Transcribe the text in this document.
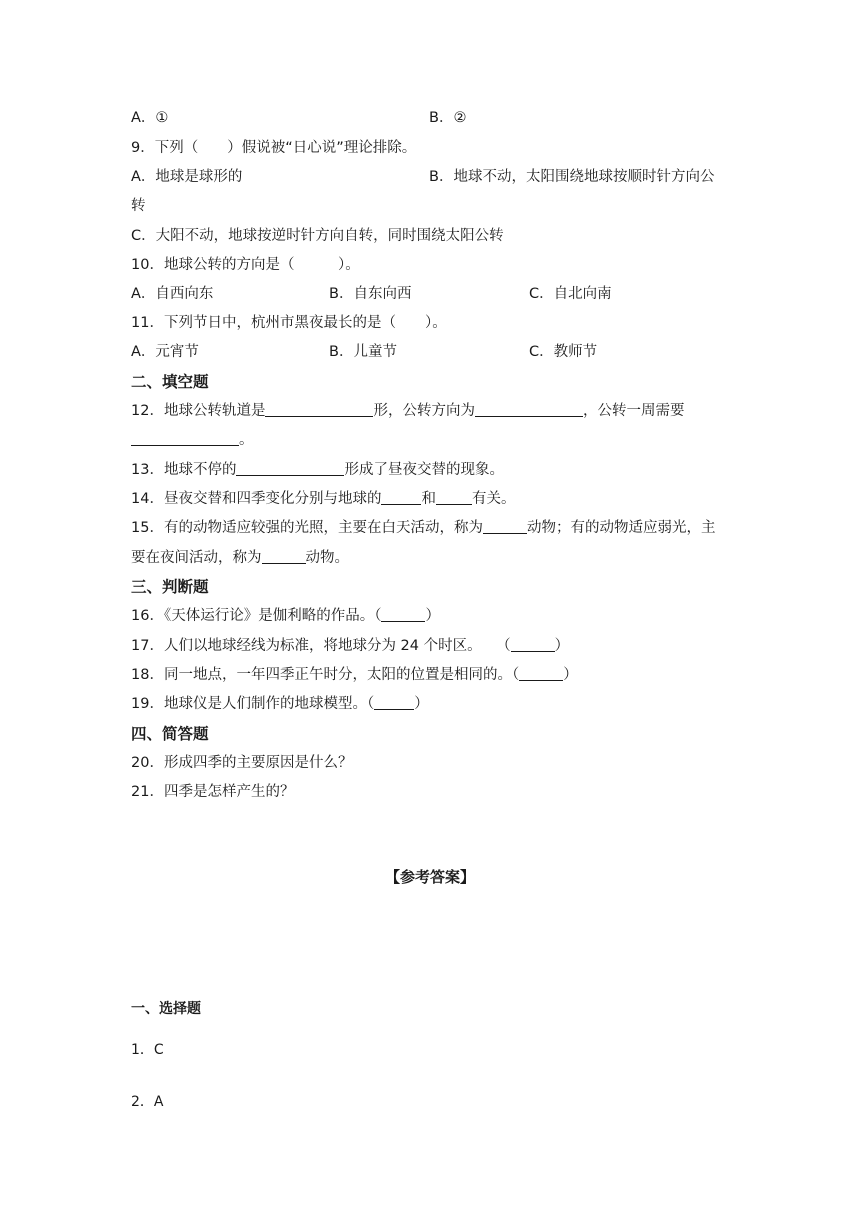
A．①	B．②
9．下列（　　）假说被“日心说”理论排除。
A．地球是球形的	B．地球不动，太阳围绕地球按顺时针方向公
转
C．大阳不动，地球按逆时针方向自转，同时围绕太阳公转
10．地球公转的方向是（　　　）。
A．自西向东	B．自东向西	C．自北向南
11．下列节日中，杭州市黑夜最长的是（　　）。
A．元宵节	B．儿童节	C．教师节
二、填空题
12．地球公转轨道是	形，公转方向为	，公转一周需要
。
13．地球不停的	形成了昼夜交替的现象。
14．昼夜交替和四季变化分别与地球的	和 有关。
15．有的动物适应较强的光照，主要在白天活动，称为	动物；有的动物适应弱光，主
要在夜间活动，称为	动物。
三、判断题
16．《天体运行论》是伽利略的作品。（	）
17．人们以地球经线为标准，将地球分为 24 个时区。　　（	）
18．同一地点，一年四季正午时分，太阳的位置是相同的。（	）
19．地球仪是人们制作的地球模型。（	）
四、简答题
20．形成四季的主要原因是什么？
21．四季是怎样产生的？
【参考答案】
一、选择题
1．C
2．A
